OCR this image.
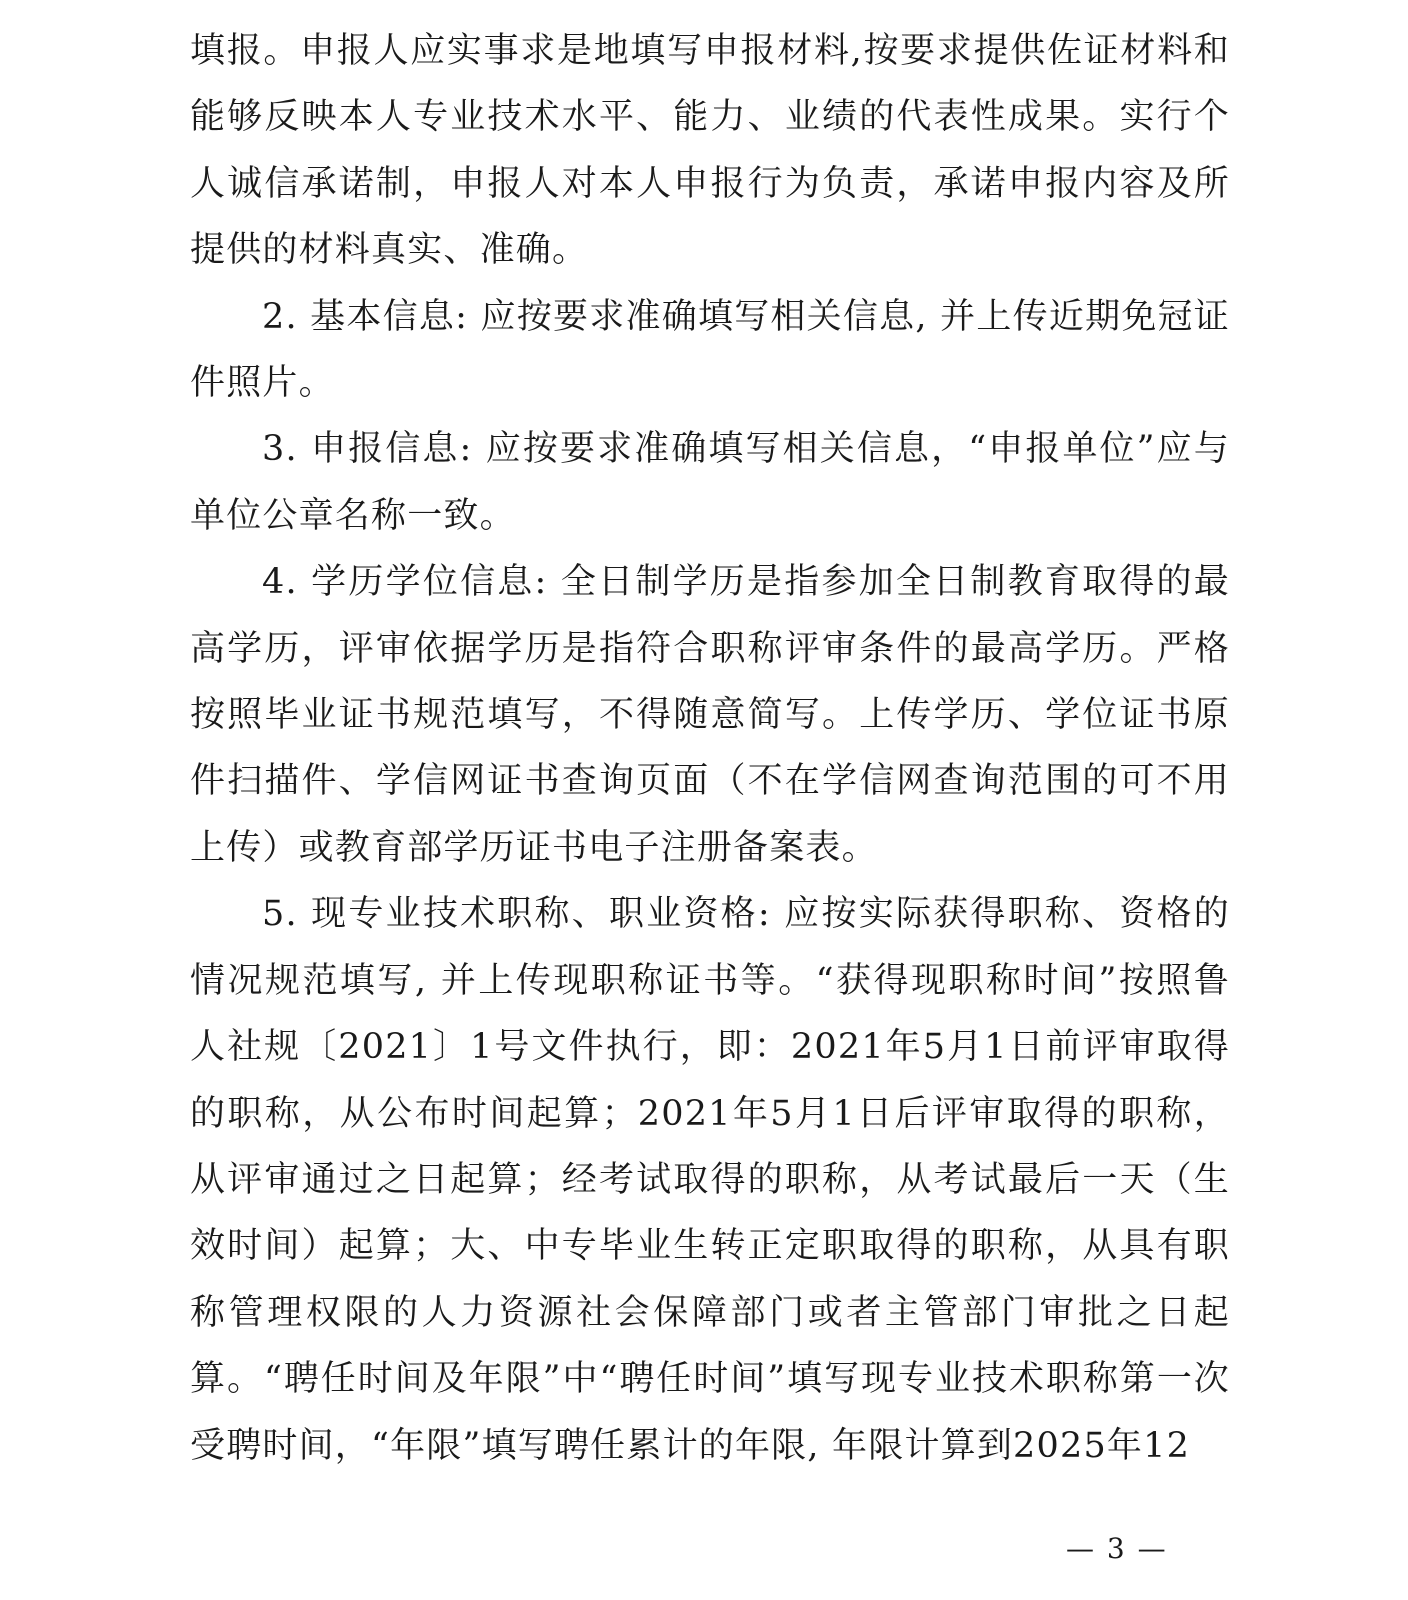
填报。申报人应实事求是地填写申报材料,按要求提供佐证材料和能够反映本人专业技术水平、能力、业绩的代表性成果。实行个人诚信承诺制，申报人对本人申报行为负责，承诺申报内容及所提供的材料真实、准确。

2. 基本信息: 应按要求准确填写相关信息, 并上传近期免冠证件照片。

3. 申报信息: 应按要求准确填写相关信息，“申报单位”应与单位公章名称一致。

4. 学历学位信息: 全日制学历是指参加全日制教育取得的最高学历，评审依据学历是指符合职称评审条件的最高学历。严格按照毕业证书规范填写，不得随意简写。上传学历、学位证书原件扫描件、学信网证书查询页面（不在学信网查询范围的可不用上传）或教育部学历证书电子注册备案表。

5. 现专业技术职称、职业资格: 应按实际获得职称、资格的情况规范填写, 并上传现职称证书等。“获得现职称时间”按照鲁人社规〔2021〕1号文件执行，即：2021年5月1日前评审取得的职称，从公布时间起算；2021年5月1日后评审取得的职称，从评审通过之日起算；经考试取得的职称，从考试最后一天（生效时间）起算；大、中专毕业生转正定职取得的职称，从具有职称管理权限的人力资源社会保障部门或者主管部门审批之日起算。“聘任时间及年限”中“聘任时间”填写现专业技术职称第一次受聘时间，“年限”填写聘任累计的年限, 年限计算到2025年12

— 3 —
